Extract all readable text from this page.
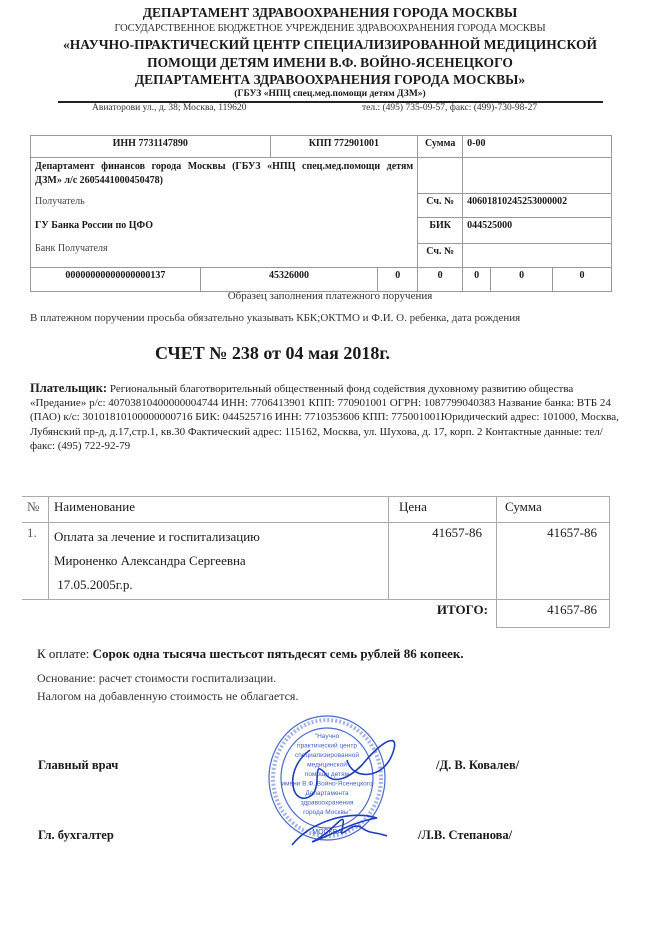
ДЕПАРТАМЕНТ ЗДРАВООХРАНЕНИЯ ГОРОДА МОСКВЫ
ГОСУДАРСТВЕННОЕ БЮДЖЕТНОЕ УЧРЕЖДЕНИЕ ЗДРАВООХРАНЕНИЯ ГОРОДА МОСКВЫ
«НАУЧНО-ПРАКТИЧЕСКИЙ ЦЕНТР СПЕЦИАЛИЗИРОВАННОЙ МЕДИЦИНСКОЙ
ПОМОЩИ ДЕТЯМ ИМЕНИ В.Ф. ВОЙНО-ЯСЕНЕЦКОГО
ДЕПАРТАМЕНТА ЗДРАВООХРАНЕНИЯ ГОРОДА МОСКВЫ»
(ГБУЗ «НПЦ спец.мед.помощи детям ДЗМ»)
Авиаторови ул., д. 38; Москва, 119620	тел.: (495) 735-09-57, факс: (499)-730-98-27
ИНН 7731147890		КПП 772901001		Сумма	0-00		

Департамент финансов города Москвы (ГБУЗ «НПЦ спец.мед.помощи детям ДЗМ» л/с 2605441000450478)
Получатель							

				Сч. №	40601810245253000002		

ГУ Банка России по ЦФО
Банк Получателя				БИК	044525000		
				Сч. №			
00000000000000000137	45326000		0	0	0	0	0
Образец заполнения платежного поручения
В платежном поручении просьба обязательно указывать КБК;ОКТМО и Ф.И. О. ребенка, дата рождения
СЧЕТ № 238 от 04 мая 2018г.
Плательщик: Региональный благотворительный общественный фонд содействия духовному развитию общества «Предание» р/с: 40703810400000004744 ИНН: 7706413901 КПП: 770901001 ОГРН: 1087799040383 Название банка: ВТБ 24 (ПАО) к/с: 30101810100000000716 БИК: 044525716 ИНН: 7710353606 КПП: 775001001Юридический адрес: 101000, Москва, Лубянский пр-д, д.17,стр.1, кв.30 Фактический адрес: 115162, Москва, ул. Шухова, д. 17, корп. 2 Контактные данные: тел/факс: (495) 722-92-79
№	Наименование	Цена	Сумма
1.	Оплата за лечение и госпитализацию
Мироненко Александра Сергеевна
17.05.2005г.р.	41657-86	41657-86
ИТОГО:			41657-86
К оплате: Сорок одна тысяча шестьсот пятьдесят семь рублей 86 копеек.
Основание: расчет стоимости госпитализации.
Налогом на добавленную стоимость не облагается.
Главный врач	/Д. В. Ковалев/
Гл. бухгалтер	/Л.В. Степанова/
"Научно
практический центр
специализированной
медицинской
помощи детям
имени В.Ф. Войно-Ясенецкого
Департамента
здравоохранения
города Москвы"
МОСКВА
